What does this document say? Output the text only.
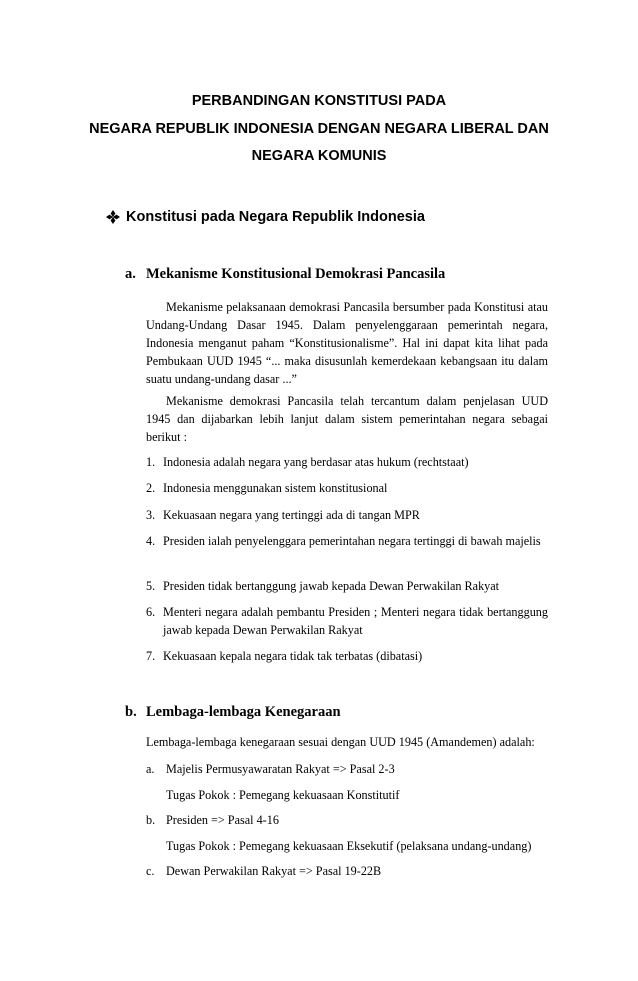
PERBANDINGAN KONSTITUSI PADA
NEGARA REPUBLIK INDONESIA DENGAN NEGARA LIBERAL DAN
NEGARA KOMUNIS
Konstitusi pada Negara Republik Indonesia
a. Mekanisme Konstitusional Demokrasi Pancasila
Mekanisme pelaksanaan demokrasi Pancasila bersumber pada Konstitusi atau Undang-Undang Dasar 1945. Dalam penyelenggaraan pemerintah negara, Indonesia menganut paham “Konstitusionalisme”. Hal ini dapat kita lihat pada Pembukaan UUD 1945 “... maka disusunlah kemerdekaan kebangsaan itu dalam suatu undang-undang dasar ...”
Mekanisme demokrasi Pancasila telah tercantum dalam penjelasan UUD 1945 dan dijabarkan lebih lanjut dalam sistem pemerintahan negara sebagai berikut :
1. Indonesia adalah negara yang berdasar atas hukum (rechtstaat)
2. Indonesia menggunakan sistem konstitusional
3. Kekuasaan negara yang tertinggi ada di tangan MPR
4. Presiden ialah penyelenggara pemerintahan negara tertinggi di bawah majelis
5. Presiden tidak bertanggung jawab kepada Dewan Perwakilan Rakyat
6. Menteri negara adalah pembantu Presiden ; Menteri negara tidak bertanggung jawab kepada Dewan Perwakilan Rakyat
7. Kekuasaan kepala negara tidak tak terbatas (dibatasi)
b. Lembaga-lembaga Kenegaraan
Lembaga-lembaga kenegaraan sesuai dengan UUD 1945 (Amandemen) adalah:
a. Majelis Permusyawaratan Rakyat => Pasal 2-3
Tugas Pokok : Pemegang kekuasaan Konstitutif
b. Presiden => Pasal 4-16
Tugas Pokok : Pemegang kekuasaan Eksekutif (pelaksana undang-undang)
c. Dewan Perwakilan Rakyat => Pasal 19-22B
